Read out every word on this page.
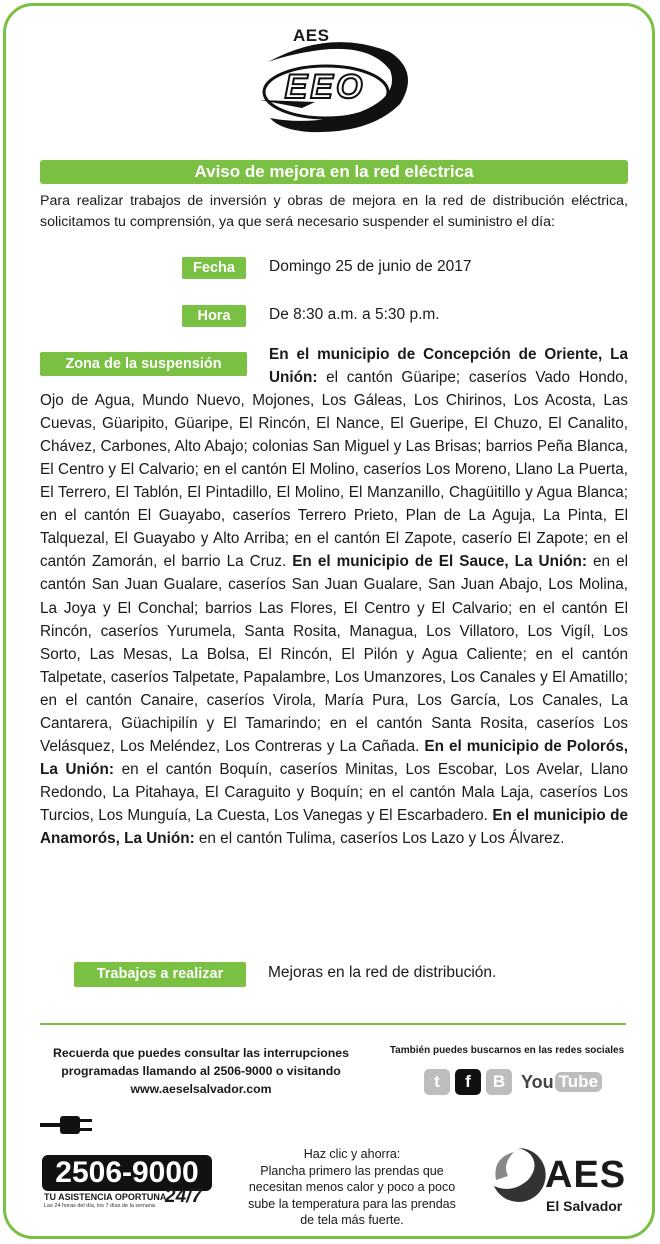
AES
EEO
Aviso de mejora en la red eléctrica
Para realizar trabajos de inversión y obras de mejora en la red de distribución eléctrica, solicitamos tu comprensión, ya que será necesario suspender el suministro el día:
Fecha	Domingo 25 de junio de 2017
Hora	De 8:30 a.m. a 5:30 p.m.
Zona de la suspensión
En el municipio de Concepción de Oriente, La Unión: el cantón Güaripe; caseríos Vado Hondo, Ojo de Agua, Mundo Nuevo, Mojones, Los Gáleas, Los Chirinos, Los Acosta, Las Cuevas, Güaripito, Güaripe, El Rincón, El Nance, El Gueripe, El Chuzo, El Canalito, Chávez, Carbones, Alto Abajo; colonias San Miguel y Las Brisas; barrios Peña Blanca, El Centro y El Calvario; en el cantón El Molino, caseríos Los Moreno, Llano La Puerta, El Terrero, El Tablón, El Pintadillo, El Molino, El Manzanillo, Chagüitillo y Agua Blanca; en el cantón El Guayabo, caseríos Terrero Prieto, Plan de La Aguja, La Pinta, El Talquezal, El Guayabo y Alto Arriba; en el cantón El Zapote, caserío El Zapote; en el cantón Zamorán, el barrio La Cruz. En el municipio de El Sauce, La Unión: en el cantón San Juan Gualare, caseríos San Juan Gualare, San Juan Abajo, Los Molina, La Joya y El Conchal; barrios Las Flores, El Centro y El Calvario; en el cantón El Rincón, caseríos Yurumela, Santa Rosita, Managua, Los Villatoro, Los Vigíl, Los Sorto, Las Mesas, La Bolsa, El Rincón, El Pilón y Agua Caliente; en el cantón Talpetate, caseríos Talpetate, Papalambre, Los Umanzores, Los Canales y El Amatillo; en el cantón Canaire, caseríos Virola, María Pura, Los García, Los Canales, La Cantarera, Güachipilín y El Tamarindo; en el cantón Santa Rosita, caseríos Los Velásquez, Los Meléndez, Los Contreras y La Cañada. En el municipio de Polorós, La Unión: en el cantón Boquín, caseríos Minitas, Los Escobar, Los Avelar, Llano Redondo, La Pitahaya, El Caraguito y Boquín; en el cantón Mala Laja, caseríos Los Turcios, Los Munguía, La Cuesta, Los Vanegas y El Escarbadero. En el municipio de Anamorós, La Unión: en el cantón Tulima, caseríos Los Lazo y Los Álvarez.
Trabajos a realizar	Mejoras en la red de distribución.
Recuerda que puedes consultar las interrupciones
programadas llamando al 2506-9000 o visitando
www.aeselsalvador.com
También puedes buscarnos en las redes sociales
t	f	B You Tube
2506-9000
TU ASISTENCIA OPORTUNA
24/7
Las 24 horas del día, los 7 días de la semana
Haz clic y ahorra:
Plancha primero las prendas que
necesitan menos calor y poco a poco
sube la temperatura para las prendas
de tela más fuerte.
AES
El Salvador
